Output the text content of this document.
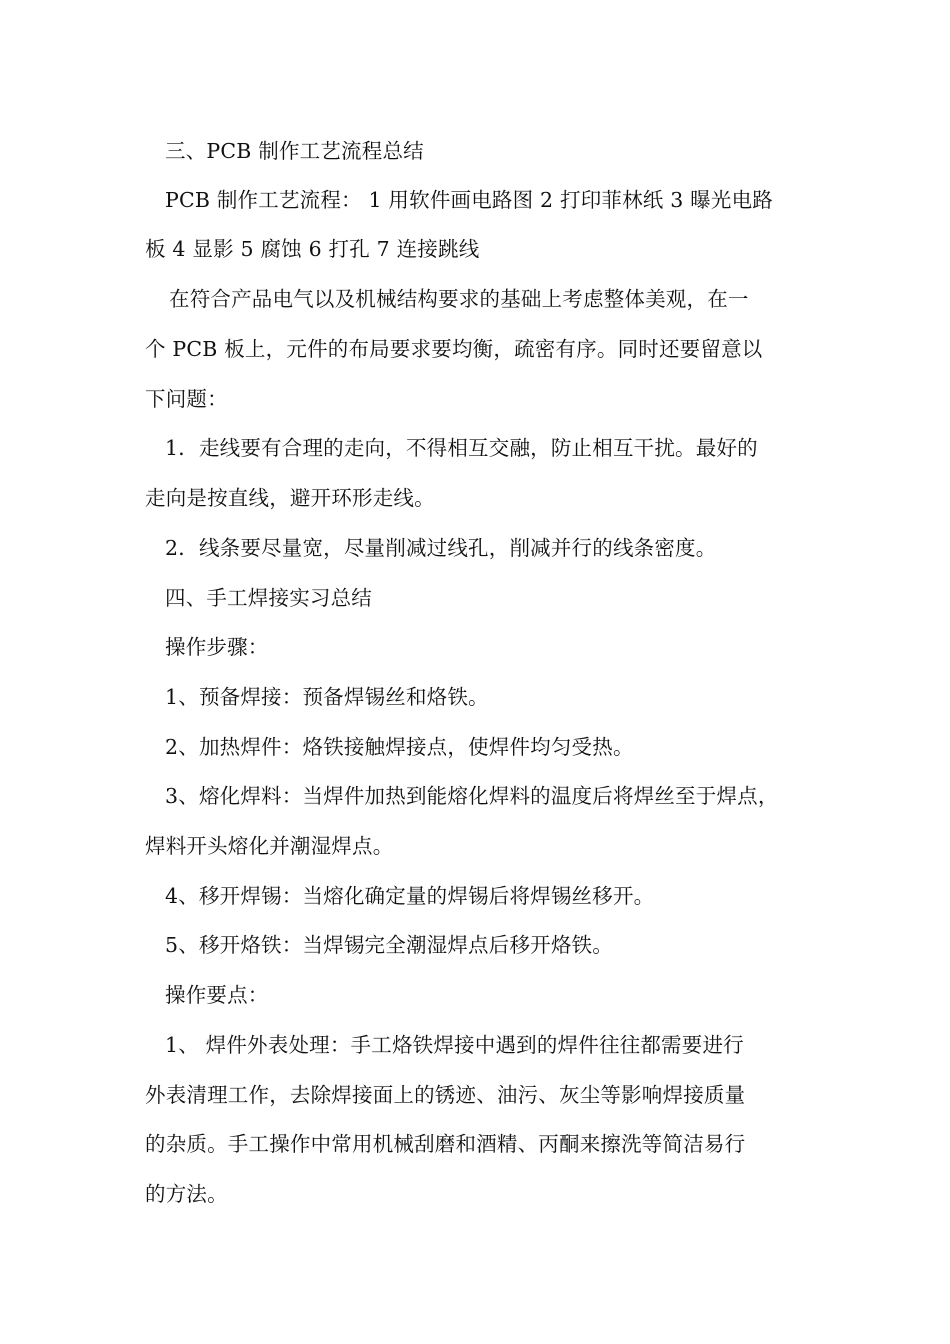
三、PCB 制作工艺流程总结
PCB 制作工艺流程： 1 用软件画电路图 2 打印菲林纸 3 曝光电路
板 4 显影 5 腐蚀 6 打孔 7 连接跳线
在符合产品电气以及机械结构要求的基础上考虑整体美观，在一
个 PCB 板上，元件的布局要求要均衡，疏密有序。同时还要留意以
下问题：
1．走线要有合理的走向，不得相互交融，防止相互干扰。最好的
走向是按直线，避开环形走线。
2．线条要尽量宽，尽量削减过线孔，削减并行的线条密度。
四、手工焊接实习总结
操作步骤：
1、预备焊接：预备焊锡丝和烙铁。
2、加热焊件：烙铁接触焊接点，使焊件均匀受热。
3、熔化焊料：当焊件加热到能熔化焊料的温度后将焊丝至于焊点，
焊料开头熔化并潮湿焊点。
4、移开焊锡：当熔化确定量的焊锡后将焊锡丝移开。
5、移开烙铁：当焊锡完全潮湿焊点后移开烙铁。
操作要点：
1、 焊件外表处理：手工烙铁焊接中遇到的焊件往往都需要进行
外表清理工作，去除焊接面上的锈迹、油污、灰尘等影响焊接质量
的杂质。手工操作中常用机械刮磨和酒精、丙酮来擦洗等简洁易行
的方法。
